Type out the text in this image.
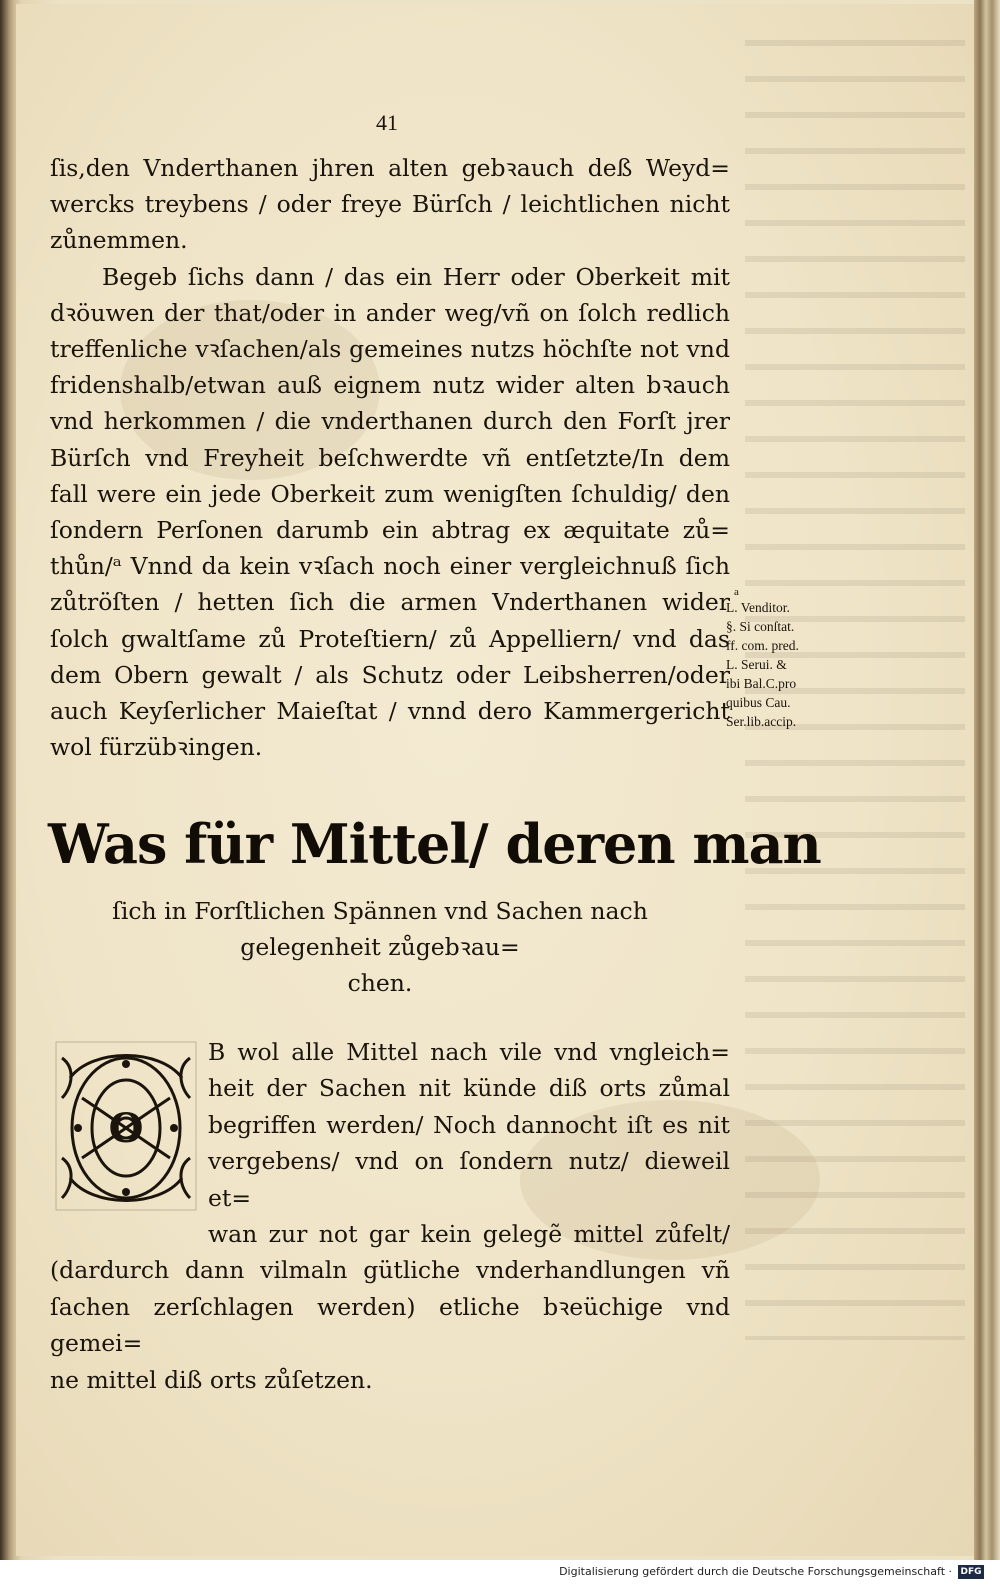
41
ſis,den Vnderthanen jhren alten gebꝛauch deß Weyd=
wercks treybens / oder freye Bürſch / leichtlichen nicht
zůnemmen.
Begeb ſichs dann / das ein Herr oder Oberkeit mit
dꝛöuwen der that/oder in ander weg/vñ on ſolch redlich
treffenliche vꝛſachen/als gemeines nutzs höchſte not vnd
fridenshalb/etwan auß eignem nutz wider alten bꝛauch
vnd herkommen / die vnderthanen durch den Forſt jrer
Bürſch vnd Freyheit beſchwerdte vñ entſetzte/In dem
fall were ein jede Oberkeit zum wenigſten ſchuldig/ den
ſondern Perſonen darumb ein abtrag ex æquitate zů=
thůn/ᵃ Vnnd da kein vꝛſach noch einer vergleichnuß ſich
zůtröſten / hetten ſich die armen Vnderthanen wider
ſolch gwaltſame zů Proteſtiern/ zů Appelliern/ vnd das
dem Obern gewalt / als Schutz oder Leibsherren/oder
auch Keyſerlicher Maieſtat / vnnd dero Kammergericht
wol fürzübꝛingen.
a
L. Venditor.
§. Si conſtat.
ff. com. pred.
L. Serui. &
ibi Bal.C.pro
quibus Cau.
Ser.lib.accip.
Was für Mittel/ deren man
ſich in Forſtlichen Spännen vnd Sachen nach
gelegenheit zůgebꝛau=
chen.
O
B wol alle Mittel nach vile vnd vngleich=
heit der Sachen nit künde diß orts zůmal
begriffen werden/ Noch dannocht iſt es nit
vergebens/ vnd on ſondern nutz/ dieweil et=
wan zur not gar kein gelegẽ mittel zůfelt/
(dardurch dann vilmaln gütliche vnderhandlungen vñ
ſachen zerſchlagen werden) etliche bꝛeüchige vnd gemei=
ne mittel diß orts zůſetzen.
Digitalisierung gefördert durch die Deutsche Forschungsgemeinschaft · DFG
